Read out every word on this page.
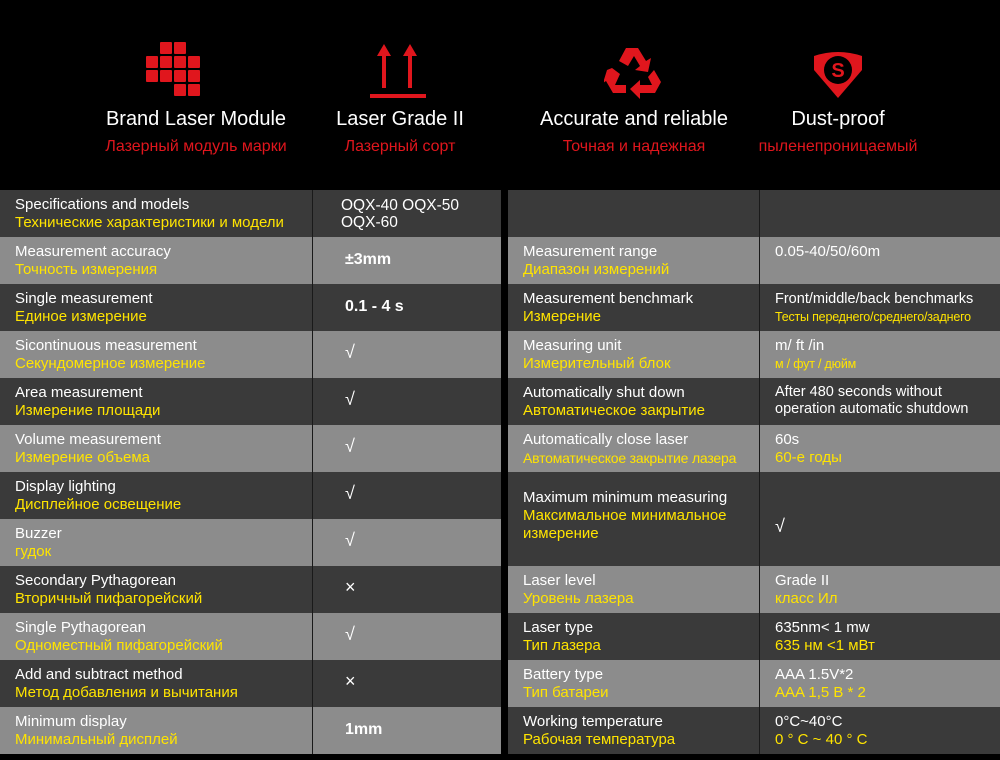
Brand Laser Module
Лазерный модуль марки
Laser Grade II
Лазерный сорт
Accurate and reliable
Точная и надежная
S
Dust-proof
пыленепроницаемый
Specifications and models
Технические характеристики и модели
OQX-40 OQX-50 OQX-60
Measurement accuracy
Точность измерения
±3mm
Single measurement
Единое измерение
0.1 - 4 s
Sicontinuous measurement
Секундомерное измерение
√
Area measurement
Измерение площади
√
Volume measurement
Измерение объема
√
Display lighting
Дисплейное освещение
√
Buzzer
гудок
√
Secondary Pythagorean
Вторичный пифагорейский
×
Single Pythagorean
Одноместный пифагорейский
√
Add and subtract method
Метод добавления и вычитания
×
Minimum display
Минимальный дисплей
1mm
Measurement range
Диапазон измерений
0.05-40/50/60m
Measurement benchmark
Измерение
Front/middle/back benchmarks
Тесты переднего/среднего/заднего
Measuring unit
Измерительный блок
m/ ft /in
м / фут / дюйм
Automatically shut down
Автоматическое закрытие
After 480 seconds without operation automatic shutdown
Automatically close laser
Автоматическое закрытие лазера
60s
60-е годы
Maximum minimum measuring
Максимальное минимальное измерение	√
Laser level
Уровень лазера
Grade II
класс Ил
Laser type
Тип лазера
635nm< 1 mw
635 нм <1 мВт
Battery type
Тип батареи
AAA 1.5V*2
AAA 1,5 B * 2
Working temperature
Рабочая температура
0°C~40°C
0 ° C ~ 40 ° C
